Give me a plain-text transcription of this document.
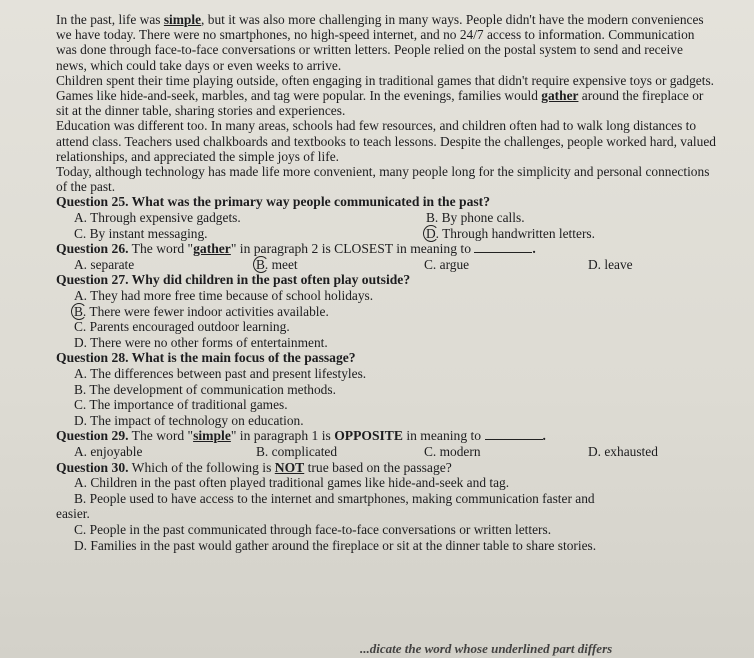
In the past, life was simple, but it was also more challenging in many ways. People didn't have the modern conveniences we have today. There were no smartphones, no high-speed internet, and no 24/7 access to information. Communication was done through face-to-face conversations or written letters. People relied on the postal system to send and receive news, which could take days or even weeks to arrive.

Children spent their time playing outside, often engaging in traditional games that didn't require expensive toys or gadgets. Games like hide-and-seek, marbles, and tag were popular. In the evenings, families would gather around the fireplace or sit at the dinner table, sharing stories and experiences.

Education was different too. In many areas, schools had few resources, and children often had to walk long distances to attend class. Teachers used chalkboards and textbooks to teach lessons. Despite the challenges, people worked hard, valued relationships, and appreciated the simple joys of life.

Today, although technology has made life more convenient, many people long for the simplicity and personal connections of the past.

Question 25. What was the primary way people communicated in the past?

A. Through expensive gadgets.	B. By phone calls.
C. By instant messaging.	D. Through handwritten letters.

Question 26. The word "gather" in paragraph 2 is CLOSEST in meaning to	.

A. separate	B. meet	C. argue	D. leave

Question 27. Why did children in the past often play outside?

A. They had more free time because of school holidays.

B. There were fewer indoor activities available.

C. Parents encouraged outdoor learning.

D. There were no other forms of entertainment.

Question 28. What is the main focus of the passage?

A. The differences between past and present lifestyles.

B. The development of communication methods.

C. The importance of traditional games.

D. The impact of technology on education.

Question 29. The word "simple" in paragraph 1 is OPPOSITE in meaning to	.

A. enjoyable	B. complicated	C. modern	D. exhausted

Question 30. Which of the following is NOT true based on the passage?

A. Children in the past often played traditional games like hide-and-seek and tag.

B. People used to have access to the internet and smartphones, making communication faster and

easier.

C. People in the past communicated through face-to-face conversations or written letters.

D. Families in the past would gather around the fireplace or sit at the dinner table to share stories.

...dicate the word whose underlined part differs
